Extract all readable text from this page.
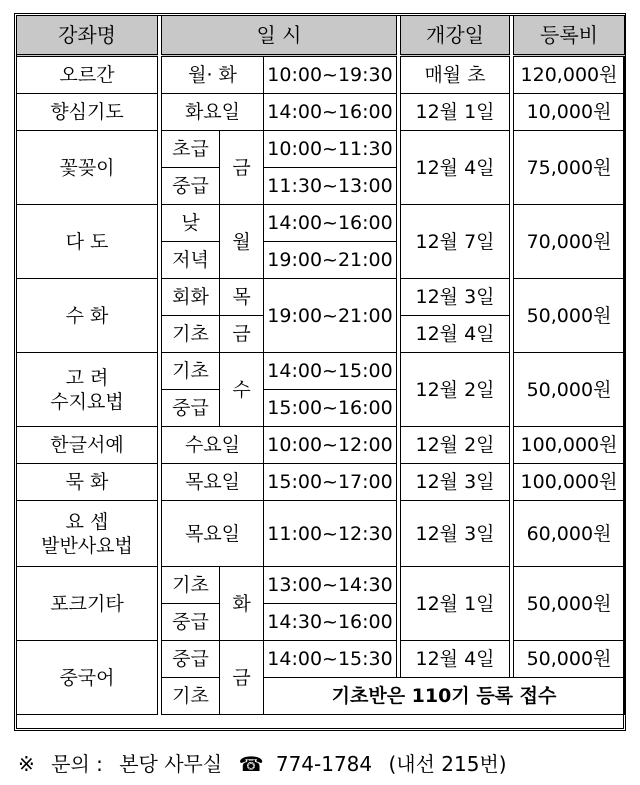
강좌명		일 시				개강일		등록비
오르간		월· 화		10:00~19:30		매월 초		120,000원
향심기도		화요일		14:00~16:00		12월 1일		10,000원
꽃꽂이		초급	금	10:00~11:30		12월 4일		75,000원
		중급		11:30~13:00				
다 도		낮	월	14:00~16:00		12월 7일		70,000원
		저녁		19:00~21:00				
수 화		회화	목	19:00~21:00		12월 3일		50,000원
		기초	금			12월 4일		

고 려
수지요법		기초	수	14:00~15:00		12월 2일		50,000원
		중급		15:00~16:00				
한글서예		수요일		10:00~12:00		12월 2일		100,000원
묵 화		목요일		15:00~17:00		12월 3일		100,000원

요 셉
발반사요법		목요일		11:00~12:30		12월 3일		60,000원
포크기타		기초	화	13:00~14:30		12월 1일		50,000원
		중급		14:30~16:00				
중국어		중급	금	14:00~15:30		12월 4일		50,000원
		기초		기초반은 110기 등록 접수				
※ 문의 : 본당 사무실 ☎ 774-1784 (내선 215번)
